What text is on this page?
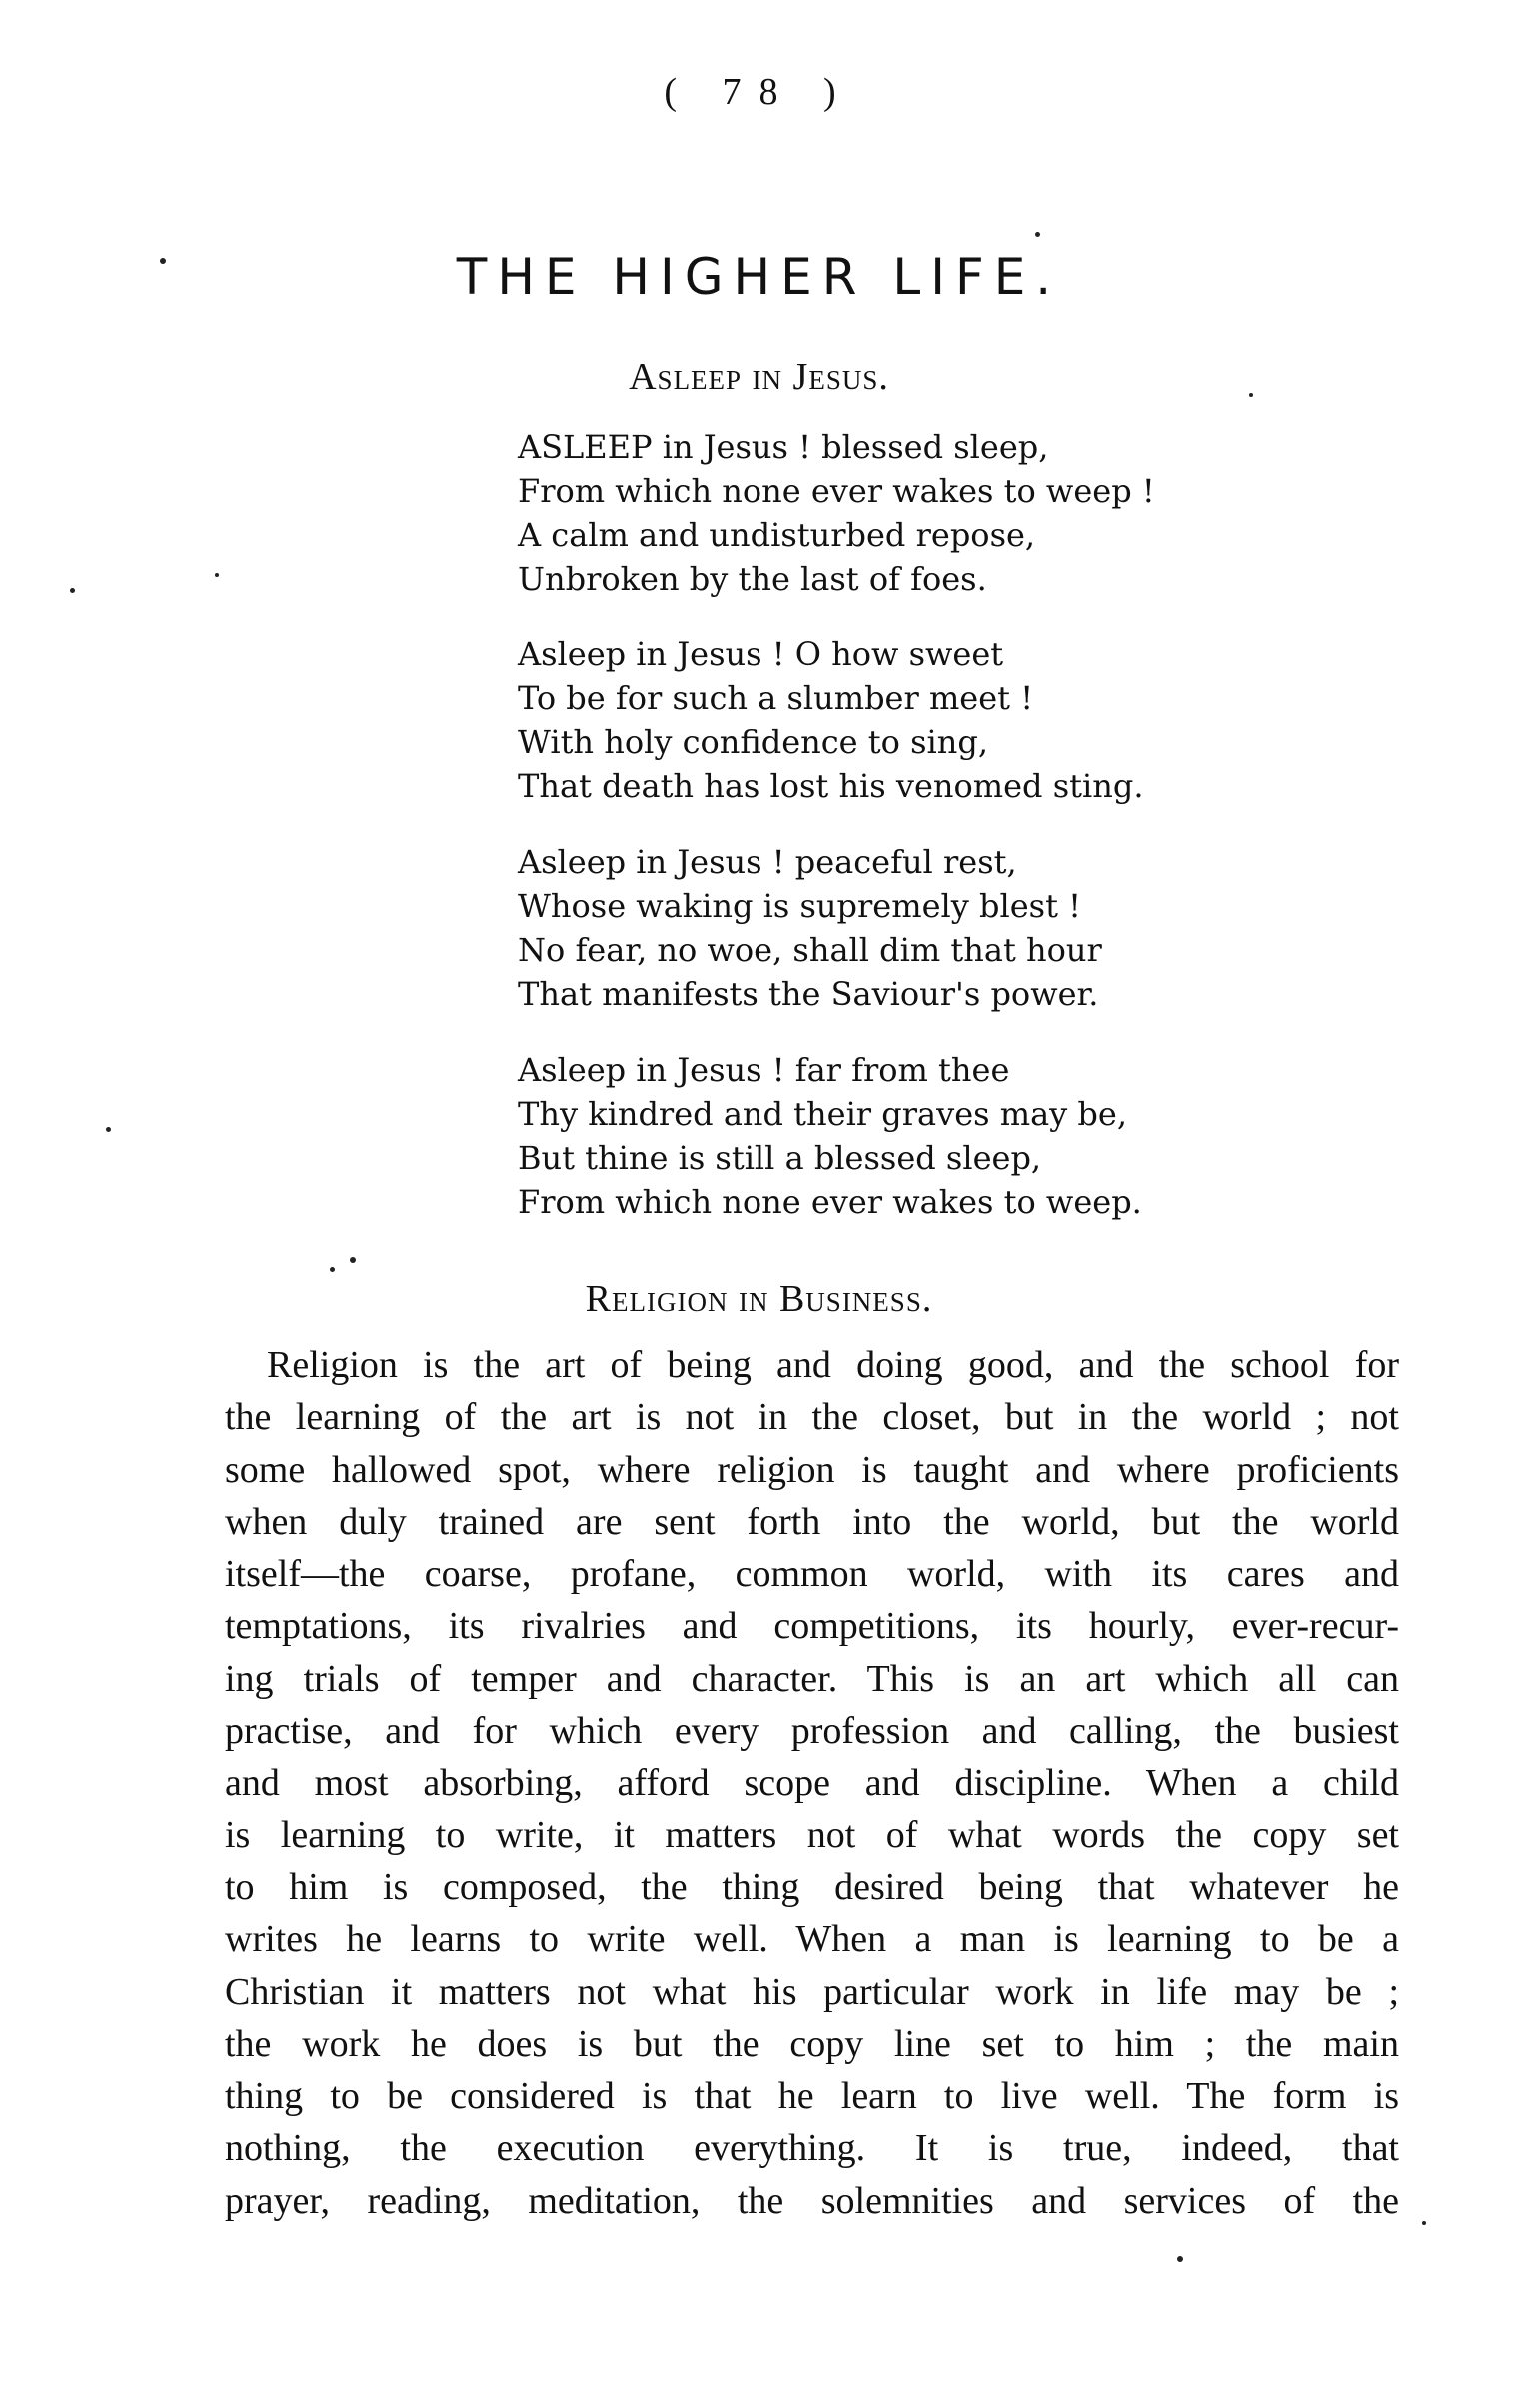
( 78 )
THE HIGHER LIFE.
Asleep in Jesus.
ASLEEP in Jesus ! blessed sleep,
From which none ever wakes to weep !
A calm and undisturbed repose,
Unbroken by the last of foes.
Asleep in Jesus ! O how sweet
To be for such a slumber meet !
With holy confidence to sing,
That death has lost his venomed sting.
Asleep in Jesus ! peaceful rest,
Whose waking is supremely blest !
No fear, no woe, shall dim that hour
That manifests the Saviour's power.
Asleep in Jesus ! far from thee
Thy kindred and their graves may be,
But thine is still a blessed sleep,
From which none ever wakes to weep.
Religion in Business.
Religion is the art of being and doing good, and the school for
the learning of the art is not in the closet, but in the world ; not
some hallowed spot, where religion is taught and where proficients
when duly trained are sent forth into the world, but the world
itself—the coarse, profane, common world, with its cares and
temptations, its rivalries and competitions, its hourly, ever-recur-
ing trials of temper and character. This is an art which all can
practise, and for which every profession and calling, the busiest
and most absorbing, afford scope and discipline. When a child
is learning to write, it matters not of what words the copy set
to him is composed, the thing desired being that whatever he
writes he learns to write well. When a man is learning to be a
Christian it matters not what his particular work in life may be ;
the work he does is but the copy line set to him ; the main
thing to be considered is that he learn to live well. The form is
nothing, the execution everything. It is true, indeed, that
prayer, reading, meditation, the solemnities and services of the
